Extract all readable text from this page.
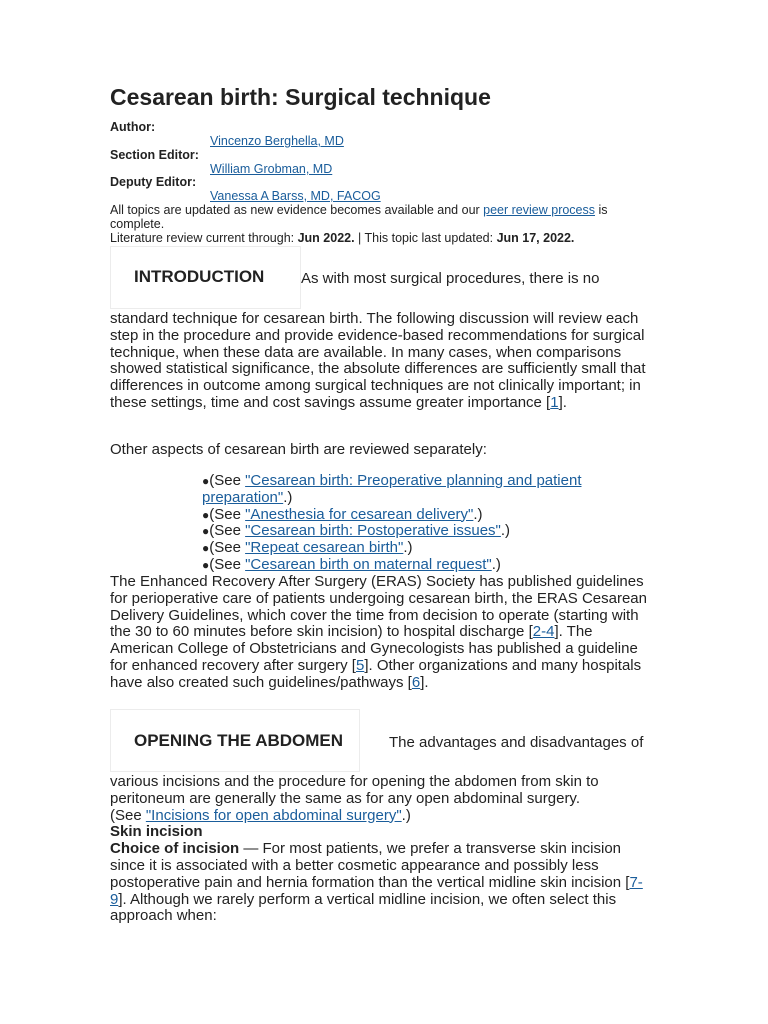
Cesarean birth: Surgical technique
Author:
Vincenzo Berghella, MD
Section Editor:
William Grobman, MD
Deputy Editor:
Vanessa A Barss, MD, FACOG
All topics are updated as new evidence becomes available and our peer review process is complete.
Literature review current through: Jun 2022. | This topic last updated: Jun 17, 2022.
INTRODUCTION As with most surgical procedures, there is no

standard technique for cesarean birth. The following discussion will review each step in the procedure and provide evidence-based recommendations for surgical technique, when these data are available. In many cases, when comparisons showed statistical significance, the absolute differences are sufficiently small that differences in outcome among surgical techniques are not clinically important; in these settings, time and cost savings assume greater importance [1].

Other aspects of cesarean birth are reviewed separately:

●(See "Cesarean birth: Preoperative planning and patient preparation".)
●(See "Anesthesia for cesarean delivery".)
●(See "Cesarean birth: Postoperative issues".)
●(See "Repeat cesarean birth".)
●(See "Cesarean birth on maternal request".)

The Enhanced Recovery After Surgery (ERAS) Society has published guidelines for perioperative care of patients undergoing cesarean birth, the ERAS Cesarean Delivery Guidelines, which cover the time from decision to operate (starting with the 30 to 60 minutes before skin incision) to hospital discharge [2-4]. The American College of Obstetricians and Gynecologists has published a guideline for enhanced recovery after surgery [5]. Other organizations and many hospitals have also created such guidelines/pathways [6].

OPENING THE ABDOMEN	The advantages and disadvantages of

various incisions and the procedure for opening the abdomen from skin to peritoneum are generally the same as for any open abdominal surgery.
(See "Incisions for open abdominal surgery".)
Skin incision
Choice of incision — For most patients, we prefer a transverse skin incision since it is associated with a better cosmetic appearance and possibly less postoperative pain and hernia formation than the vertical midline skin incision [7-9]. Although we rarely perform a vertical midline incision, we often select this approach when:
